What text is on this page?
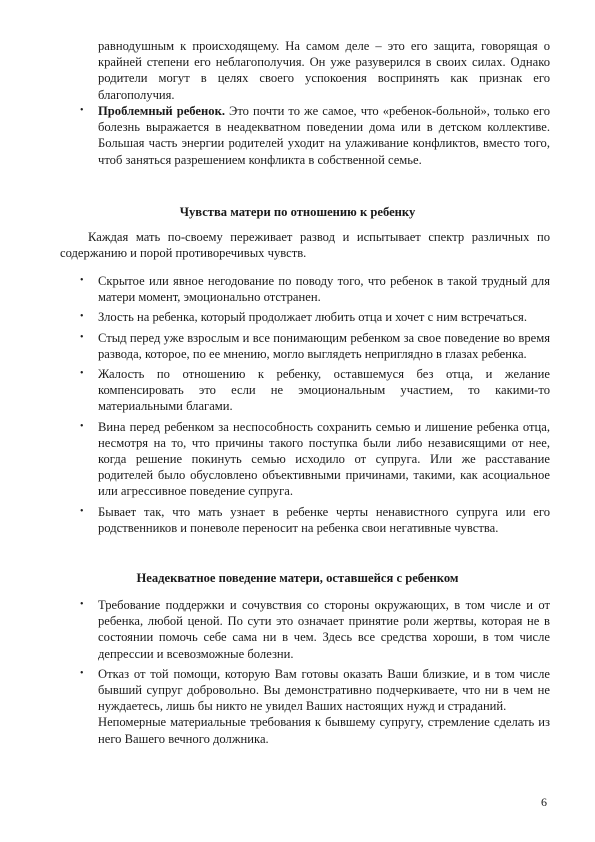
равнодушным к происходящему. На самом деле – это его защита, говорящая о крайней степени его неблагополучия. Он уже разуверился в своих силах. Однако родители могут в целях своего успокоения воспринять как признак его благополучия.
• Проблемный ребенок. Это почти то же самое, что «ребенок-больной», только его болезнь выражается в неадекватном поведении дома или в детском коллективе. Большая часть энергии родителей уходит на улаживание конфликтов, вместо того, чтоб заняться разрешением конфликта в собственной семье.
Чувства матери по отношению к ребенку
Каждая мать по-своему переживает развод и испытывает спектр различных по содержанию и порой противоречивых чувств.
• Скрытое или явное негодование по поводу того, что ребенок в такой трудный для матери момент, эмоционально отстранен.
• Злость на ребенка, который продолжает любить отца и хочет с ним встречаться.
• Стыд перед уже взрослым и все понимающим ребенком за свое поведение во время развода, которое, по ее мнению, могло выглядеть неприглядно в глазах ребенка.
• Жалость по отношению к ребенку, оставшемуся без отца, и желание компенсировать это если не эмоциональным участием, то какими-то материальными благами.
• Вина перед ребенком за неспособность сохранить семью и лишение ребенка отца, несмотря на то, что причины такого поступка были либо независящими от нее, когда решение покинуть семью исходило от супруга. Или же расставание родителей было обусловлено объективными причинами, такими, как асоциальное или агрессивное поведение супруга.
• Бывает так, что мать узнает в ребенке черты ненавистного супруга или его родственников и поневоле переносит на ребенка свои негативные чувства.
Неадекватное поведение матери, оставшейся с ребенком
• Требование поддержки и сочувствия со стороны окружающих, в том числе и от ребенка, любой ценой. По сути это означает принятие роли жертвы, которая не в состоянии помочь себе сама ни в чем. Здесь все средства хороши, в том числе депрессии и всевозможные болезни.
• Отказ от той помощи, которую Вам готовы оказать Ваши близкие, и в том числе бывший супруг добровольно. Вы демонстративно подчеркиваете, что ни в чем не нуждаетесь, лишь бы никто не увидел Ваших настоящих нужд и страданий.
Непомерные материальные требования к бывшему супругу, стремление сделать из него Вашего вечного должника.
6
